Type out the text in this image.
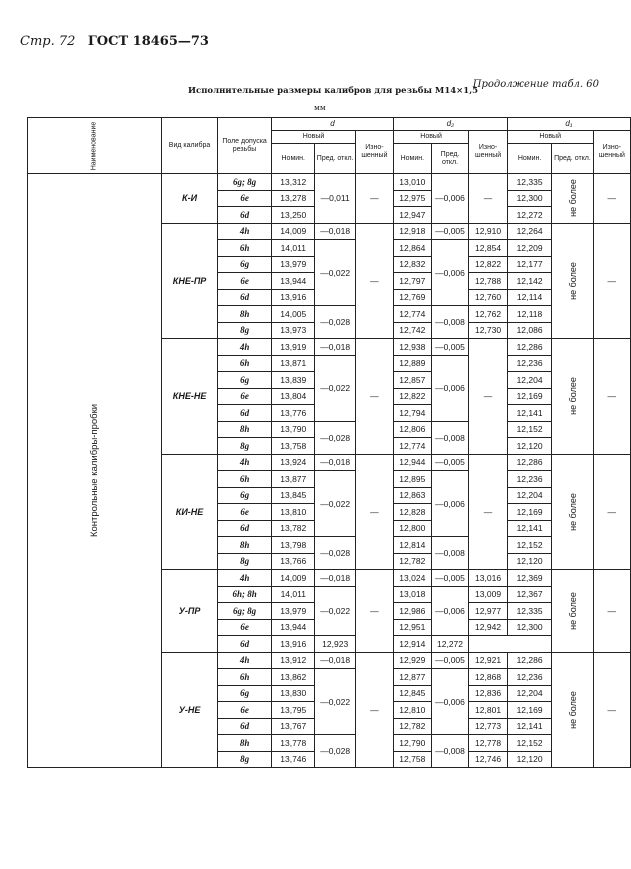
Стр. 72 ГОСТ 18465—73
Продолжение табл. 60
Исполнительные размеры калибров для резьбы М14×1,5
мм
Наименование	Вид калибра	Поле допуска резьбы	d			d₂			d₁		
			Новый		Изно-шенный	Новый		Изно-шенный	Новый		Изно-шенный
			Номин.	Пред. откл.		Номин.	Пред. откл.		Номин.	Пред. откл.	
Контрольные калибры-пробки	К-И	6g; 8g	13,312	—0,011	—	13,010	—0,006	—	12,335	не более	—
		6e	13,278			12,975			12,300		
		6d	13,250			12,947			12,272		
	КНЕ-ПР	4h	14,009	—0,018	—	12,918	—0,005	12,910	12,264	не более	—
		6h	14,011	—0,022		12,864	—0,006	12,854	12,209		
		6g	13,979			12,832		12,822	12,177		
		6e	13,944			12,797		12,788	12,142		
		6d	13,916			12,769		12,760	12,114		
		8h	14,005	—0,028		12,774	—0,008	12,762	12,118		
		8g	13,973			12,742		12,730	12,086		
	КНЕ-НЕ	4h	13,919	—0,018	—	12,938	—0,005	—	12,286	не более	—
		6h	13,871	—0,022		12,889	—0,006		12,236		
		6g	13,839			12,857			12,204		
		6e	13,804			12,822			12,169		
		6d	13,776			12,794			12,141		
		8h	13,790	—0,028		12,806	—0,008		12,152		
		8g	13,758			12,774			12,120		
	КИ-НЕ	4h	13,924	—0,018	—	12,944	—0,005	—	12,286	не более	—
		6h	13,877	—0,022		12,895	—0,006		12,236		
		6g	13,845			12,863			12,204		
		6e	13,810			12,828			12,169		
		6d	13,782			12,800			12,141		
		8h	13,798	—0,028		12,814	—0,008		12,152		
		8g	13,766			12,782			12,120		
	У-ПР	4h	14,009	—0,018	—	13,024	—0,005	13,016	12,369	не более	—
		6h; 8h	14,011	—0,022		13,018	—0,006	13,009	12,367		
		6g; 8g	13,979			12,986		12,977	12,335		
		6e	13,944			12,951		12,942	12,300		
		6d	13,916	12,923		12,914	12,272				
	У-НЕ	4h	13,912	—0,018	—	12,929	—0,005	12,921	12,286	не более	—
		6h	13,862	—0,022		12,877	—0,006	12,868	12,236		
		6g	13,830			12,845		12,836	12,204		
		6e	13,795			12,810		12,801	12,169		
		6d	13,767			12,782		12,773	12,141		
		8h	13,778	—0,028		12,790	—0,008	12,778	12,152		
		8g	13,746			12,758		12,746	12,120		
